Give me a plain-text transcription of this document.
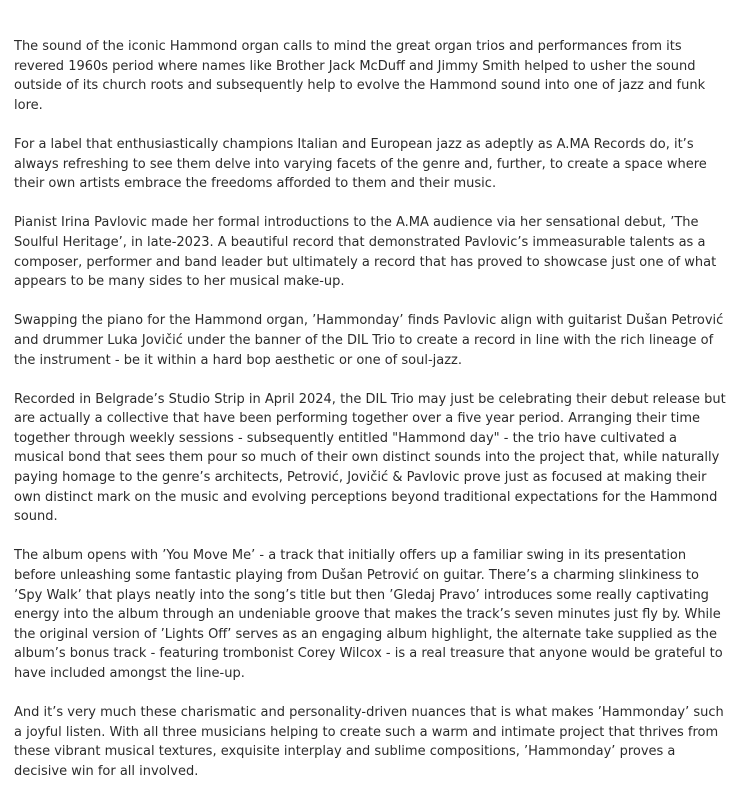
The sound of the iconic Hammond organ calls to mind the great organ trios and performances from its revered 1960s period where names like Brother Jack McDuff and Jimmy Smith helped to usher the sound outside of its church roots and subsequently help to evolve the Hammond sound into one of jazz and funk lore.

For a label that enthusiastically champions Italian and European jazz as adeptly as A.MA Records do, it’s always refreshing to see them delve into varying facets of the genre and, further, to create a space where their own artists embrace the freedoms afforded to them and their music.

Pianist Irina Pavlovic made her formal introductions to the A.MA audience via her sensational debut, ’The Soulful Heritage’, in late-2023. A beautiful record that demonstrated Pavlovic’s immeasurable talents as a composer, performer and band leader but ultimately a record that has proved to showcase just one of what appears to be many sides to her musical make-up.

Swapping the piano for the Hammond organ, ’Hammonday’ finds Pavlovic align with guitarist Dušan Petrović and drummer Luka Jovičić under the banner of the DIL Trio to create a record in line with the rich lineage of the instrument - be it within a hard bop aesthetic or one of soul-jazz.

Recorded in Belgrade’s Studio Strip in April 2024, the DIL Trio may just be celebrating their debut release but are actually a collective that have been performing together over a five year period. Arranging their time together through weekly sessions - subsequently entitled "Hammond day" - the trio have cultivated a musical bond that sees them pour so much of their own distinct sounds into the project that, while naturally paying homage to the genre’s architects, Petrović, Jovičić & Pavlovic prove just as focused at making their own distinct mark on the music and evolving perceptions beyond traditional expectations for the Hammond sound.

The album opens with ’You Move Me’ - a track that initially offers up a familiar swing in its presentation before unleashing some fantastic playing from Dušan Petrović on guitar. There’s a charming slinkiness to ’Spy Walk’ that plays neatly into the song’s title but then ’Gledaj Pravo’ introduces some really captivating energy into the album through an undeniable groove that makes the track’s seven minutes just fly by. While the original version of ’Lights Off’ serves as an engaging album highlight, the alternate take supplied as the album’s bonus track - featuring trombonist Corey Wilcox - is a real treasure that anyone would be grateful to have included amongst the line-up.

And it’s very much these charismatic and personality-driven nuances that is what makes ’Hammonday’ such a joyful listen. With all three musicians helping to create such a warm and intimate project that thrives from these vibrant musical textures, exquisite interplay and sublime compositions, ’Hammonday’ proves a decisive win for all involved.
